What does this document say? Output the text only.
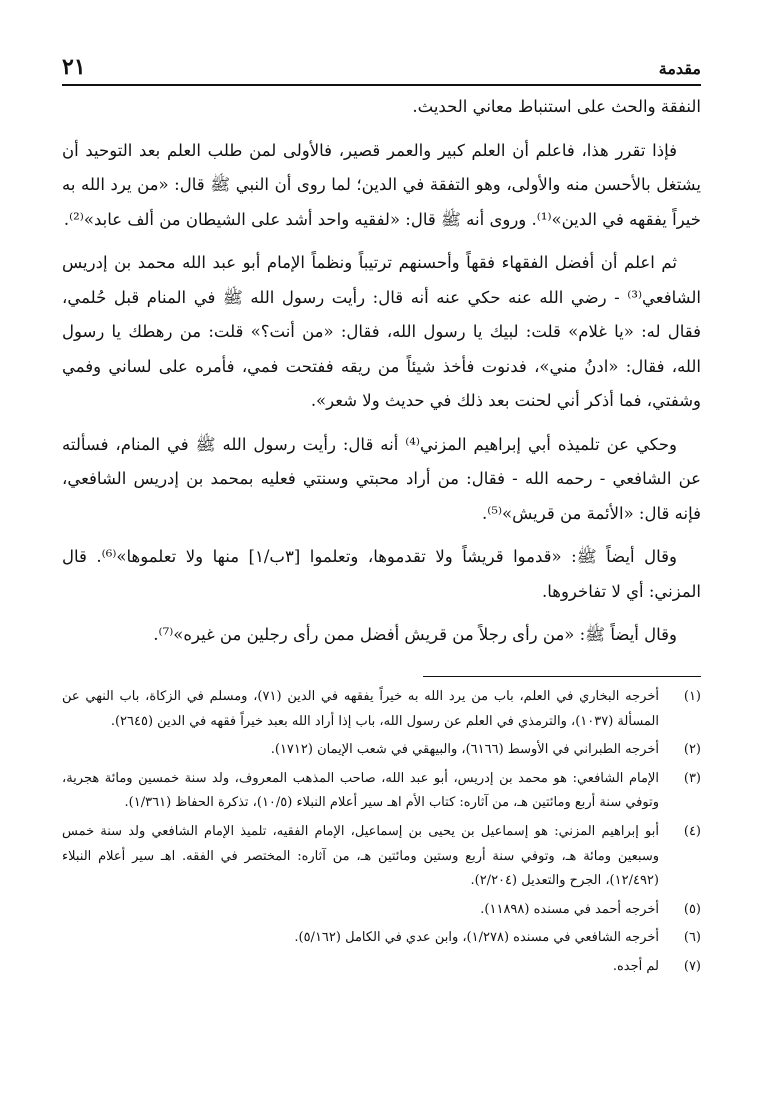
مقدمة
٢١

النفقة والحث على استنباط معاني الحديث.

فإذا تقرر هذا، فاعلم أن العلم كبير والعمر قصير، فالأولى لمن طلب العلم بعد التوحيد أن يشتغل بالأحسن منه والأولى، وهو التفقة في الدين؛ لما روى أن النبي ﷺ قال: «من يرد الله به خيراً يفقهه في الدين»⁽¹⁾. وروى أنه ﷺ قال: «لفقيه واحد أشد على الشيطان من ألف عابد»⁽²⁾.

ثم اعلم أن أفضل الفقهاء فقهاً وأحسنهم ترتيباً ونظماً الإمام أبو عبد الله محمد بن إدريس الشافعي⁽³⁾ - رضي الله عنه حكي عنه أنه قال: رأيت رسول الله ﷺ في المنام قبل حُلمي، فقال له: «يا غلام» قلت: لبيك يا رسول الله، فقال: «من أنت؟» قلت: من رهطك يا رسول الله، فقال: «ادنُ مني»، فدنوت فأخذ شيئاً من ريقه ففتحت فمي، فأمره على لساني وفمي وشفتي، فما أذكر أني لحنت بعد ذلك في حديث ولا شعر».

وحكي عن تلميذه أبي إبراهيم المزني⁽⁴⁾ أنه قال: رأيت رسول الله ﷺ في المنام، فسألته عن الشافعي - رحمه الله - فقال: من أراد محبتي وسنتي فعليه بمحمد بن إدريس الشافعي، فإنه قال: «الأئمة من قريش»⁽⁵⁾.

وقال أيضاً ﷺ: «قدموا قريشاً ولا تقدموها، وتعلموا [٣ب/١] منها ولا تعلموها»⁽⁶⁾. قال المزني: أي لا تفاخروها.

وقال أيضاً ﷺ: «من رأى رجلاً من قريش أفضل ممن رأى رجلين من غيره»⁽⁷⁾.

(١)
أخرجه البخاري في العلم، باب من يرد الله به خيراً يفقهه في الدين (٧١)، ومسلم في الزكاة، باب النهي عن المسألة (١٠٣٧)، والترمذي في العلم عن رسول الله، باب إذا أراد الله بعبد خيراً فقهه في الدين (٢٦٤٥).
(٢)
أخرجه الطبراني في الأوسط (٦١٦٦)، والبيهقي في شعب الإيمان (١٧١٢).
(٣)
الإمام الشافعي: هو محمد بن إدريس، أبو عبد الله، صاحب المذهب المعروف، ولد سنة خمسين ومائة هجرية، وتوفي سنة أربع ومائتين هـ، من آثاره: كتاب الأم اهـ سير أعلام النبلاء (١٠/٥)، تذكرة الحفاظ (١/٣٦١).
(٤)
أبو إبراهيم المزني: هو إسماعيل بن يحيى بن إسماعيل، الإمام الفقيه، تلميذ الإمام الشافعي ولد سنة خمس وسبعين ومائة هـ، وتوفي سنة أربع وستين ومائتين هـ، من آثاره: المختصر في الفقه. اهـ سير أعلام النبلاء (١٢/٤٩٢)، الجرح والتعديل (٢/٢٠٤).
(٥)
أخرجه أحمد في مسنده (١١٨٩٨).
(٦)
أخرجه الشافعي في مسنده (١/٢٧٨)، وابن عدي في الكامل (٥/١٦٢).
(٧)
لم أجده.
